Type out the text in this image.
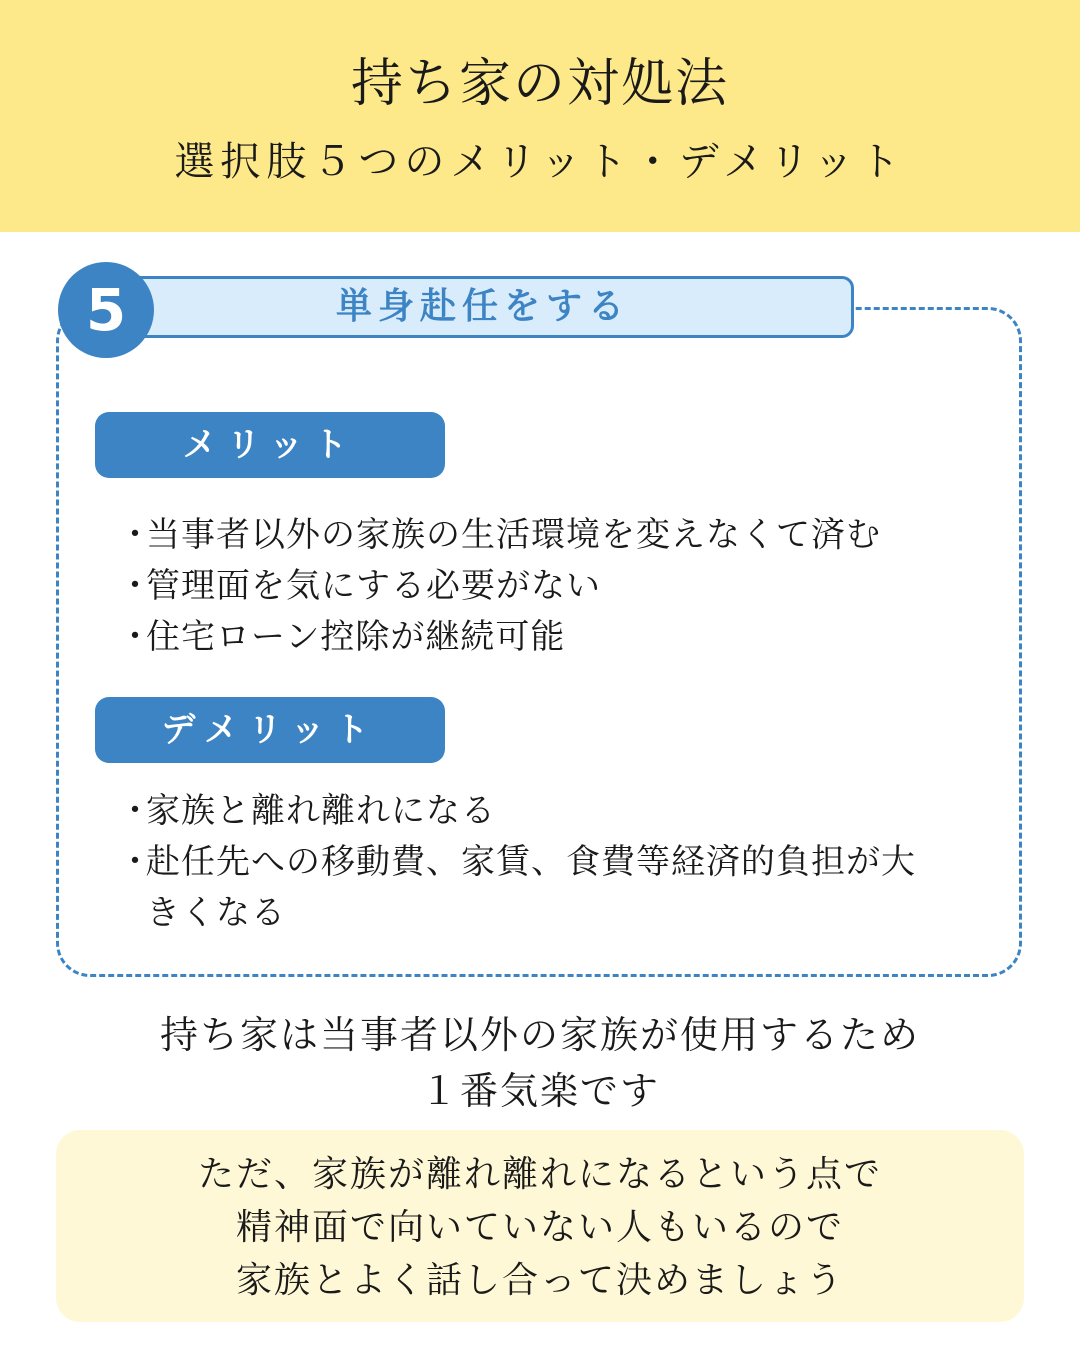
持ち家の対処法
選択肢５つのメリット・デメリット
単身赴任をする
5
メリット
・
当事者以外の家族の生活環境を変えなくて済む
・
管理面を気にする必要がない
・
住宅ローン控除が継続可能
デメリット
・
家族と離れ離れになる
・
赴任先への移動費、家賃、食費等経済的負担が大きくなる
持ち家は当事者以外の家族が使用するため
１番気楽です
ただ、家族が離れ離れになるという点で
精神面で向いていない人もいるので
家族とよく話し合って決めましょう
